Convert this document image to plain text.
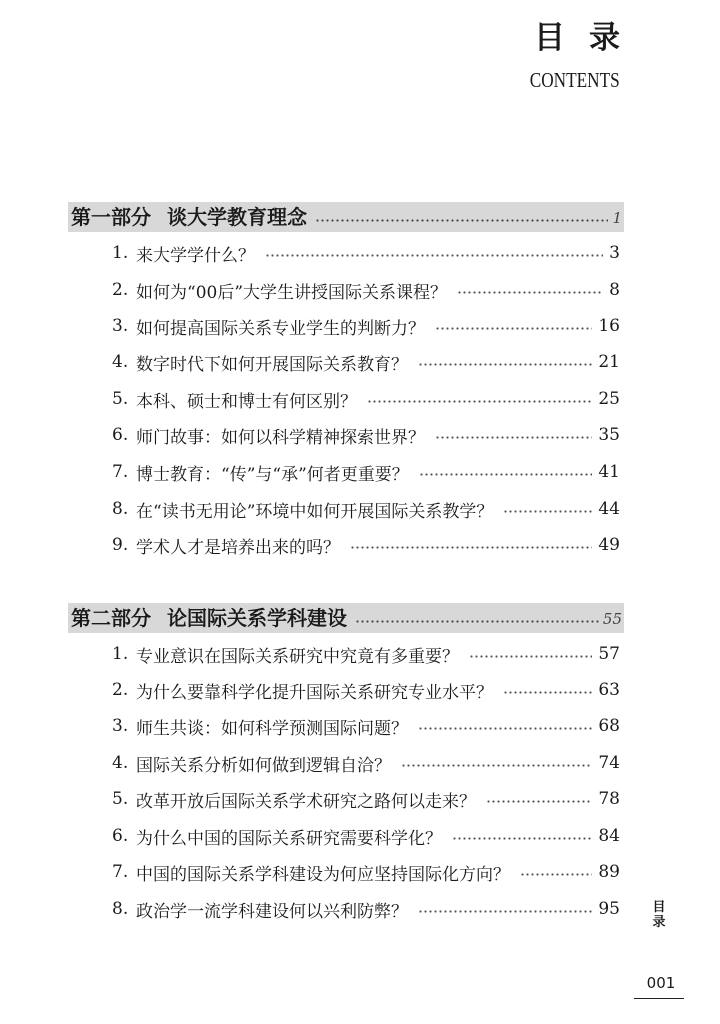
目录
CONTENTS
第一部分 谈大学教育理念	1
1. 来大学学什么？	3
2. 如何为“00后”大学生讲授国际关系课程？	8
3. 如何提高国际关系专业学生的判断力？	16
4. 数字时代下如何开展国际关系教育？	21
5. 本科、硕士和博士有何区别？	25
6. 师门故事：如何以科学精神探索世界？	35
7. 博士教育：“传”与“承”何者更重要？	41
8. 在“读书无用论”环境中如何开展国际关系教学？	44
9. 学术人才是培养出来的吗？	49
第二部分 论国际关系学科建设	55
1. 专业意识在国际关系研究中究竟有多重要？	57
2. 为什么要靠科学化提升国际关系研究专业水平？	63
3. 师生共谈：如何科学预测国际问题？	68
4. 国际关系分析如何做到逻辑自洽？	74
5. 改革开放后国际关系学术研究之路何以走来？	78
6. 为什么中国的国际关系研究需要科学化？	84
7. 中国的国际关系学科建设为何应坚持国际化方向？	89
8. 政治学一流学科建设何以兴利防弊？	95 目录
001
